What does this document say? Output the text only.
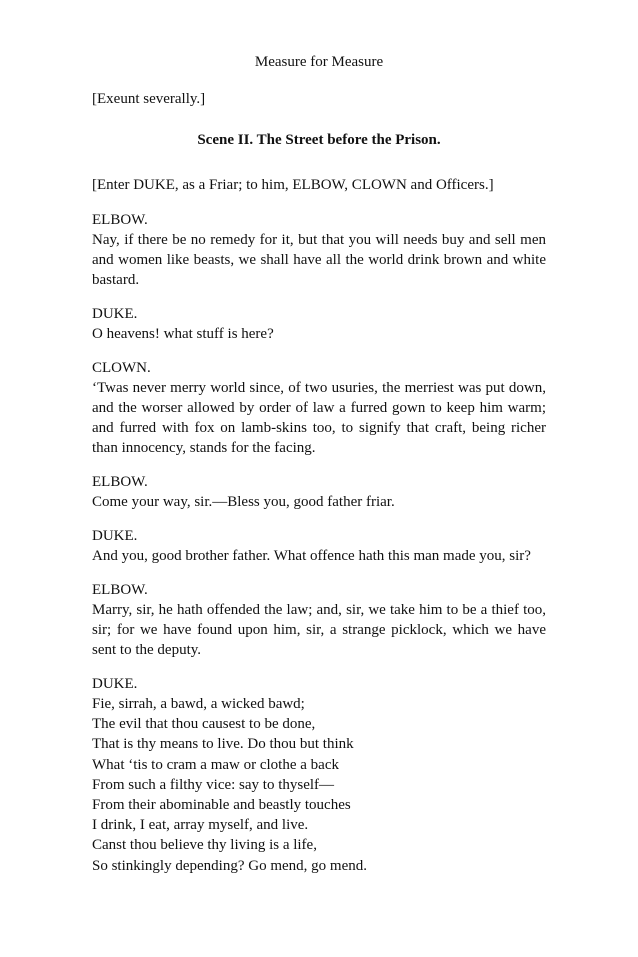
Measure for Measure

[Exeunt severally.]

Scene II. The Street before the Prison.

[Enter DUKE, as a Friar; to him, ELBOW, CLOWN and Officers.]

ELBOW.

Nay, if there be no remedy for it, but that you will needs buy and sell men and women like beasts, we shall have all the world drink brown and white bastard.

DUKE.

O heavens! what stuff is here?

CLOWN.

‘Twas never merry world since, of two usuries, the merriest was put down, and the worser allowed by order of law a furred gown to keep him warm; and furred with fox on lamb-skins too, to signify that craft, being richer than innocency, stands for the facing.

ELBOW.

Come your way, sir.—Bless you, good father friar.

DUKE.

And you, good brother father. What offence hath this man made you, sir?

ELBOW.

Marry, sir, he hath offended the law; and, sir, we take him to be a thief too, sir; for we have found upon him, sir, a strange picklock, which we have sent to the deputy.

DUKE.

Fie, sirrah, a bawd, a wicked bawd;

The evil that thou causest to be done,

That is thy means to live. Do thou but think

What ‘tis to cram a maw or clothe a back

From such a filthy vice: say to thyself—

From their abominable and beastly touches

I drink, I eat, array myself, and live.

Canst thou believe thy living is a life,

So stinkingly depending? Go mend, go mend.
